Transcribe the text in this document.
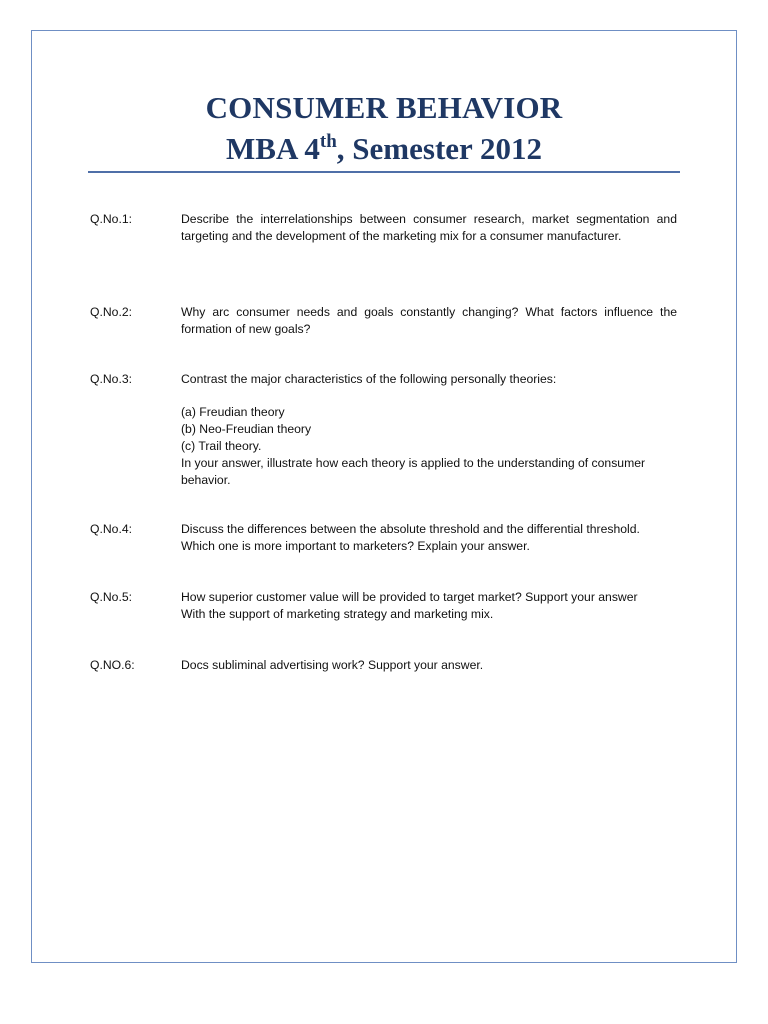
CONSUMER BEHAVIOR
MBA 4th, Semester 2012
Q.No.1:	Describe the interrelationships between consumer research, market segmentation and targeting and the development of the marketing mix for a consumer manufacturer.
Q.No.2:	Why arc consumer needs and goals constantly changing? What factors influence the formation of new goals?
Q.No.3:	Contrast the major characteristics of the following personally theories:
(a) Freudian theory
(b) Neo-Freudian theory
(c) Trail theory.
In your answer, illustrate how each theory is applied to the understanding of consumer behavior.
Q.No.4:	Discuss the differences between the absolute threshold and the differential threshold.
Which one is more important to marketers? Explain your answer.
Q.No.5:	How superior customer value will be provided to target market? Support your answer
With the support of marketing strategy and marketing mix.
Q.NO.6:	Docs subliminal advertising work? Support your answer.
